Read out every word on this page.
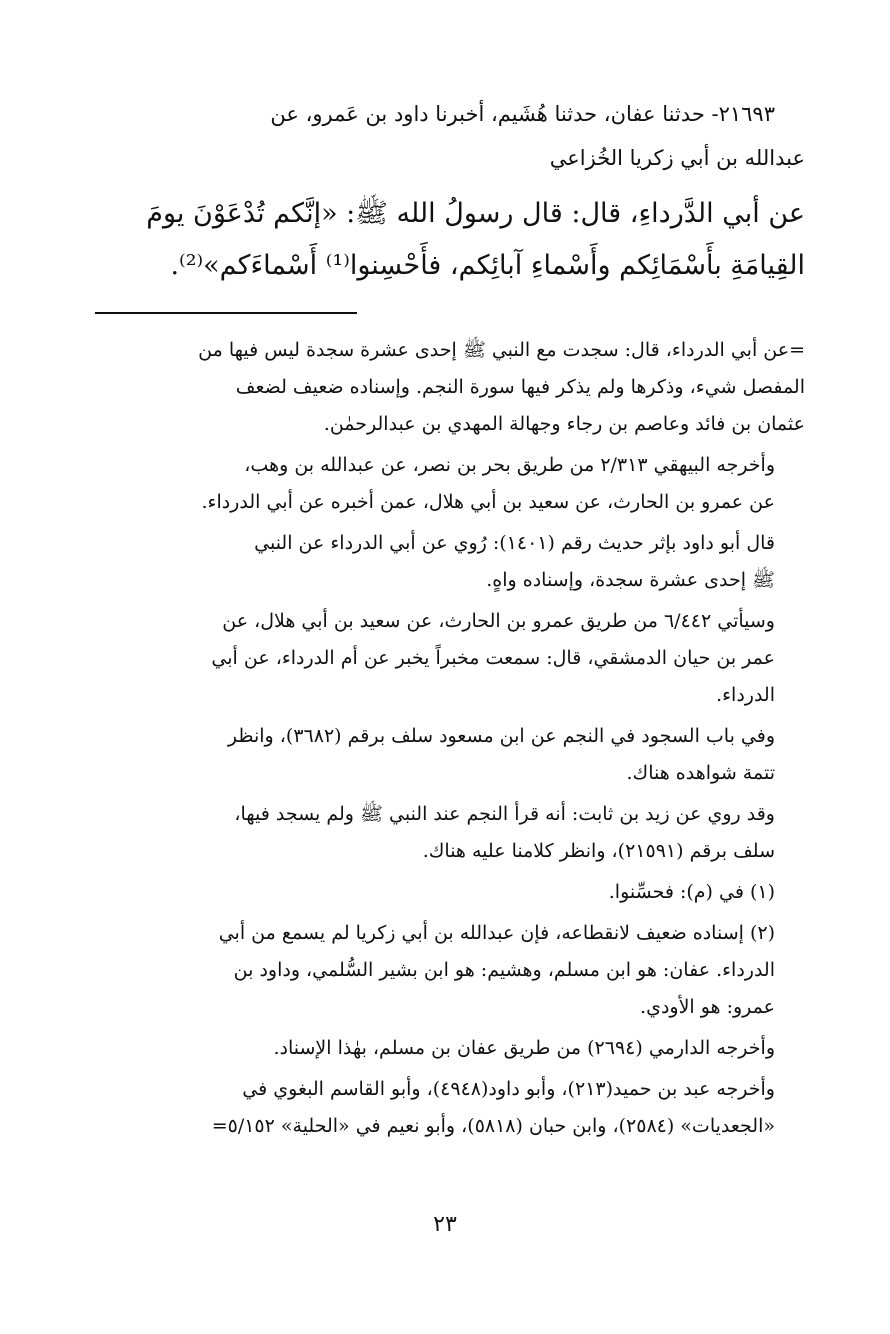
٢١٦٩٣- حدثنا عفان، حدثنا هُشَيم، أخبرنا داود بن عَمرو، عن

عبدالله بن أبي زكريا الخُزاعي

عن أبي الدَّرداءِ، قال: قال رسولُ الله ﷺ: «إنَّكم تُدْعَوْنَ يومَ

القِيامَةِ بأَسْمَائِكم وأَسْماءِ آبائِكم، فأَحْسِنوا⁽¹⁾ أَسْماءَكم»⁽²⁾.

=عن أبي الدرداء، قال: سجدت مع النبي ﷺ إحدى عشرة سجدة ليس فيها من
المفصل شيء، وذكرها ولم يذكر فيها سورة النجم. وإسناده ضعيف لضعف
عثمان بن فائد وعاصم بن رجاء وجهالة المهدي بن عبدالرحمٰن.

وأخرجه البيهقي ٢/٣١٣ من طريق بحر بن نصر، عن عبدالله بن وهب،
عن عمرو بن الحارث، عن سعيد بن أبي هلال، عمن أخبره عن أبي الدرداء.

قال أبو داود بإثر حديث رقم (١٤٠١): رُوي عن أبي الدرداء عن النبي
ﷺ إحدى عشرة سجدة، وإسناده واهٍ.

وسيأتي ٦/٤٤٢ من طريق عمرو بن الحارث، عن سعيد بن أبي هلال، عن
عمر بن حيان الدمشقي، قال: سمعت مخبراً يخبر عن أم الدرداء، عن أبي
الدرداء.

وفي باب السجود في النجم عن ابن مسعود سلف برقم (٣٦٨٢)، وانظر
تتمة شواهده هناك.

وقد روي عن زيد بن ثابت: أنه قرأ النجم عند النبي ﷺ ولم يسجد فيها،
سلف برقم (٢١٥٩١)، وانظر كلامنا عليه هناك.

(١) في (م): فحسِّنوا.

(٢) إسناده ضعيف لانقطاعه، فإن عبدالله بن أبي زكريا لم يسمع من أبي
الدرداء. عفان: هو ابن مسلم، وهشيم: هو ابن بشير السُّلمي، وداود بن
عمرو: هو الأودي.

وأخرجه الدارمي (٢٦٩٤) من طريق عفان بن مسلم، بهٰذا الإسناد.

وأخرجه عبد بن حميد(٢١٣)، وأبو داود(٤٩٤٨)، وأبو القاسم البغوي في
«الجعديات» (٢٥٨٤)، وابن حبان (٥٨١٨)، وأبو نعيم في «الحلية» ٥/١٥٢=

٢٣
